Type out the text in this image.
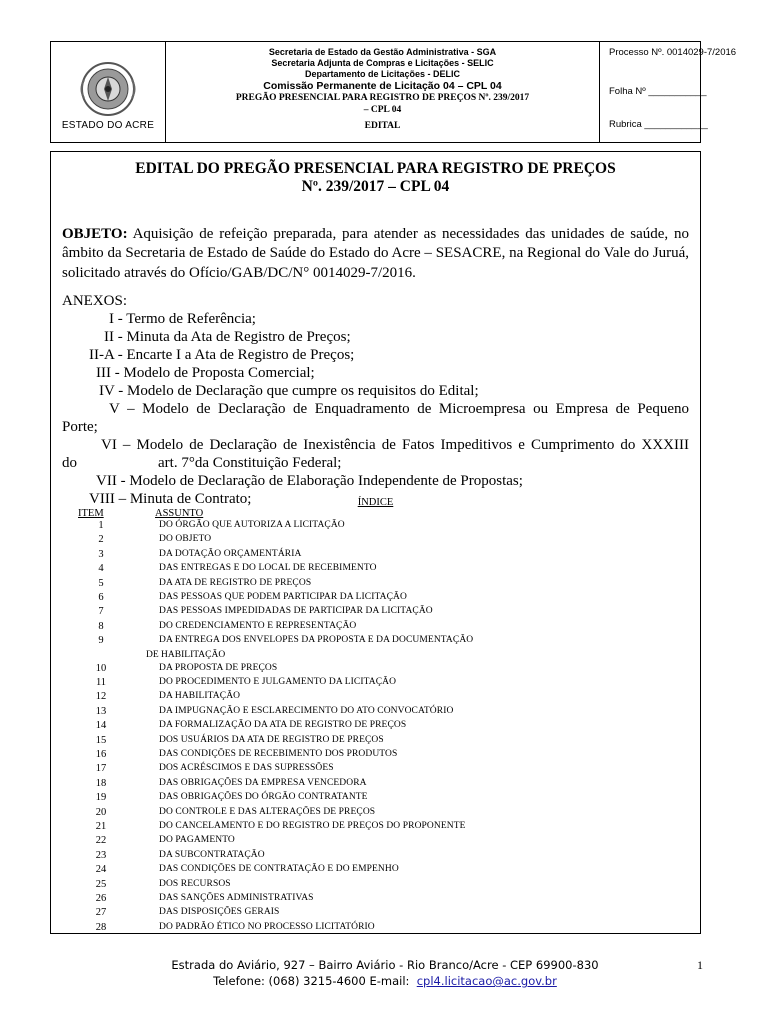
ESTADO DO ACRE
Secretaria de Estado da Gestão Administrativa - SGA
Secretaria Adjunta de Compras e Licitações - SELIC
Departamento de Licitações - DELIC
Comissão Permanente de Licitação 04 – CPL 04
PREGÃO PRESENCIAL PARA REGISTRO DE PREÇOS Nº. 239/2017
– CPL 04
EDITAL
Processo Nº. 0014029-7/2016
Folha Nº ___________
Rubrica ____________
EDITAL DO PREGÃO PRESENCIAL PARA REGISTRO DE PREÇOS
Nº. 239/2017 – CPL 04
OBJETO: Aquisição de refeição preparada, para atender as necessidades das unidades de saúde, no âmbito da Secretaria de Estado de Saúde do Estado do Acre – SESACRE, na Regional do Vale do Juruá, solicitado através do Ofício/GAB/DC/N° 0014029-7/2016.
ANEXOS:
I - Termo de Referência;
II - Minuta da Ata de Registro de Preços;
II-A - Encarte I a Ata de Registro de Preços;
III - Modelo de Proposta Comercial;
IV - Modelo de Declaração que cumpre os requisitos do Edital;
V – Modelo de Declaração de Enquadramento de Microempresa ou Empresa de Pequeno
Porte;
VI – Modelo de Declaração de Inexistência de Fatos Impeditivos e Cumprimento do XXXIII
do	art. 7°da Constituição Federal;
VII - Modelo de Declaração de Elaboração Independente de Propostas;
VIII – Minuta de Contrato;	ÍNDICE
ITEM	ASSUNTO
1	DO ÓRGÃO QUE AUTORIZA A LICITAÇÃO
2	DO OBJETO
3	DA DOTAÇÃO ORÇAMENTÁRIA
4	DAS ENTREGAS E DO LOCAL DE RECEBIMENTO
5	DA ATA DE REGISTRO DE PREÇOS
6	DAS PESSOAS QUE PODEM PARTICIPAR DA LICITAÇÃO
7	DAS PESSOAS IMPEDIDADAS DE PARTICIPAR DA LICITAÇÃO
8	DO CREDENCIAMENTO E REPRESENTAÇÃO
9	DA ENTREGA DOS ENVELOPES DA PROPOSTA E DA DOCUMENTAÇÃO
DE HABILITAÇÃO
10	DA PROPOSTA DE PREÇOS
11	DO PROCEDIMENTO E JULGAMENTO DA LICITAÇÃO
12	DA HABILITAÇÃO
13	DA IMPUGNAÇÃO E ESCLARECIMENTO DO ATO CONVOCATÓRIO
14	DA FORMALIZAÇÃO DA ATA DE REGISTRO DE PREÇOS
15	DOS USUÁRIOS DA ATA DE REGISTRO DE PREÇOS
16	DAS CONDIÇÕES DE RECEBIMENTO DOS PRODUTOS
17	DOS ACRÉSCIMOS E DAS SUPRESSÕES
18	DAS OBRIGAÇÕES DA EMPRESA VENCEDORA
19	DAS OBRIGAÇÕES DO ÓRGÃO CONTRATANTE
20	DO CONTROLE E DAS ALTERAÇÕES DE PREÇOS
21	DO CANCELAMENTO E DO REGISTRO DE PREÇOS DO PROPONENTE
22	DO PAGAMENTO
23	DA SUBCONTRATAÇÃO
24	DAS CONDIÇÕES DE CONTRATAÇÃO E DO EMPENHO
25	DOS RECURSOS
26	DAS SANÇÕES ADMINISTRATIVAS
27	DAS DISPOSIÇÕES GERAIS
28	DO PADRÃO ÉTICO NO PROCESSO LICITATÓRIO
Estrada do Aviário, 927 – Bairro Aviário - Rio Branco/Acre - CEP 69900-830
Telefone: (068) 3215-4600 E-mail: cpl4.licitacao@ac.gov.br
1
